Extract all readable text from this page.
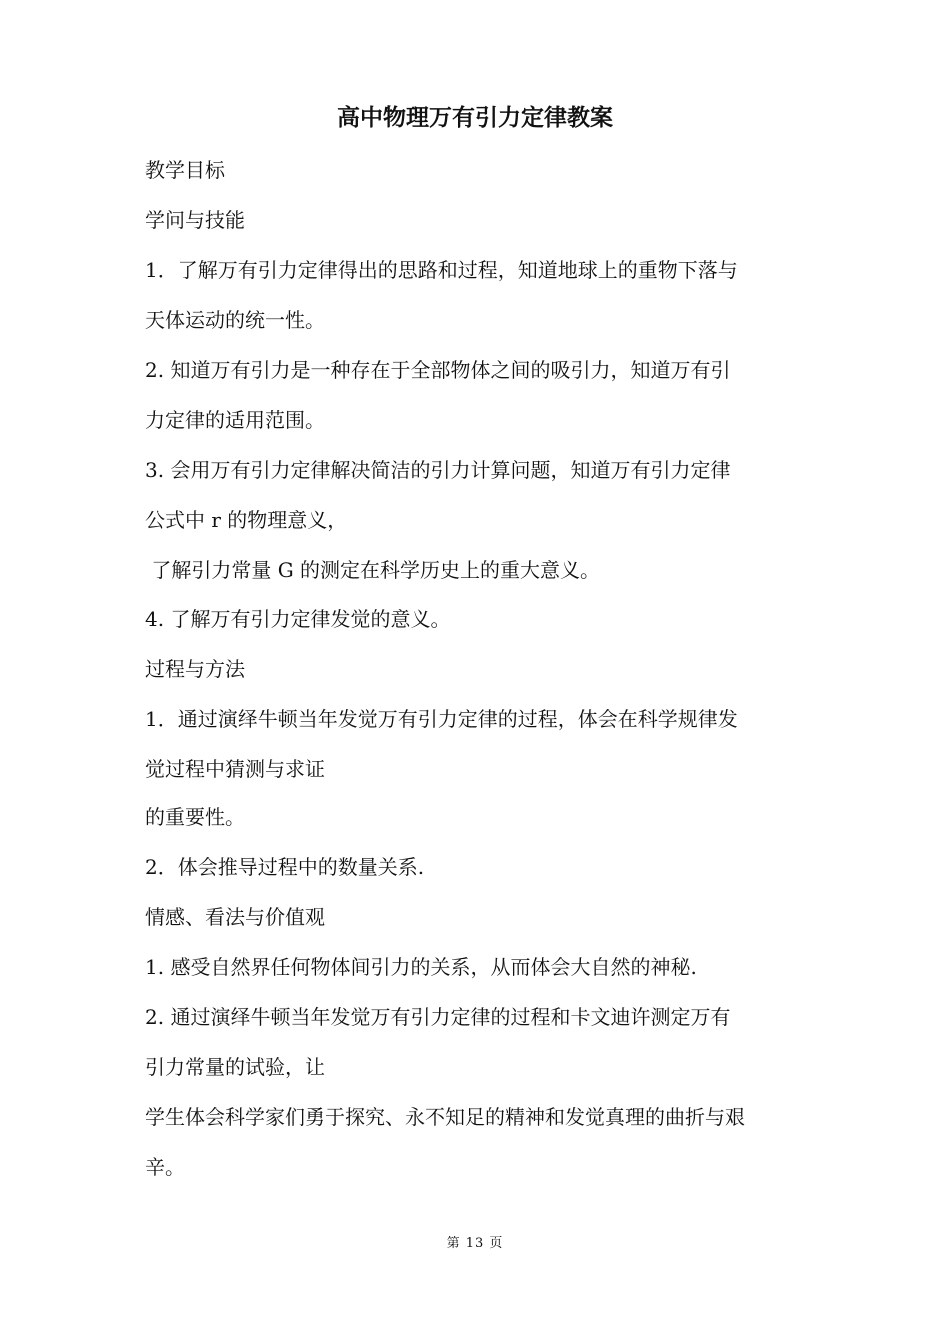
高中物理万有引力定律教案
教学目标
学问与技能
1．了解万有引力定律得出的思路和过程，知道地球上的重物下落与
天体运动的统一性。
2. 知道万有引力是一种存在于全部物体之间的吸引力，知道万有引
力定律的适用范围。
3. 会用万有引力定律解决简洁的引力计算问题，知道万有引力定律
公式中 r 的物理意义，
了解引力常量 G 的测定在科学历史上的重大意义。
4. 了解万有引力定律发觉的意义。
过程与方法
1．通过演绎牛顿当年发觉万有引力定律的过程，体会在科学规律发
觉过程中猜测与求证
的重要性。
2．体会推导过程中的数量关系.
情感、看法与价值观
1. 感受自然界任何物体间引力的关系，从而体会大自然的神秘.
2. 通过演绎牛顿当年发觉万有引力定律的过程和卡文迪许测定万有
引力常量的试验，让
学生体会科学家们勇于探究、永不知足的精神和发觉真理的曲折与艰
辛。
第 13 页
